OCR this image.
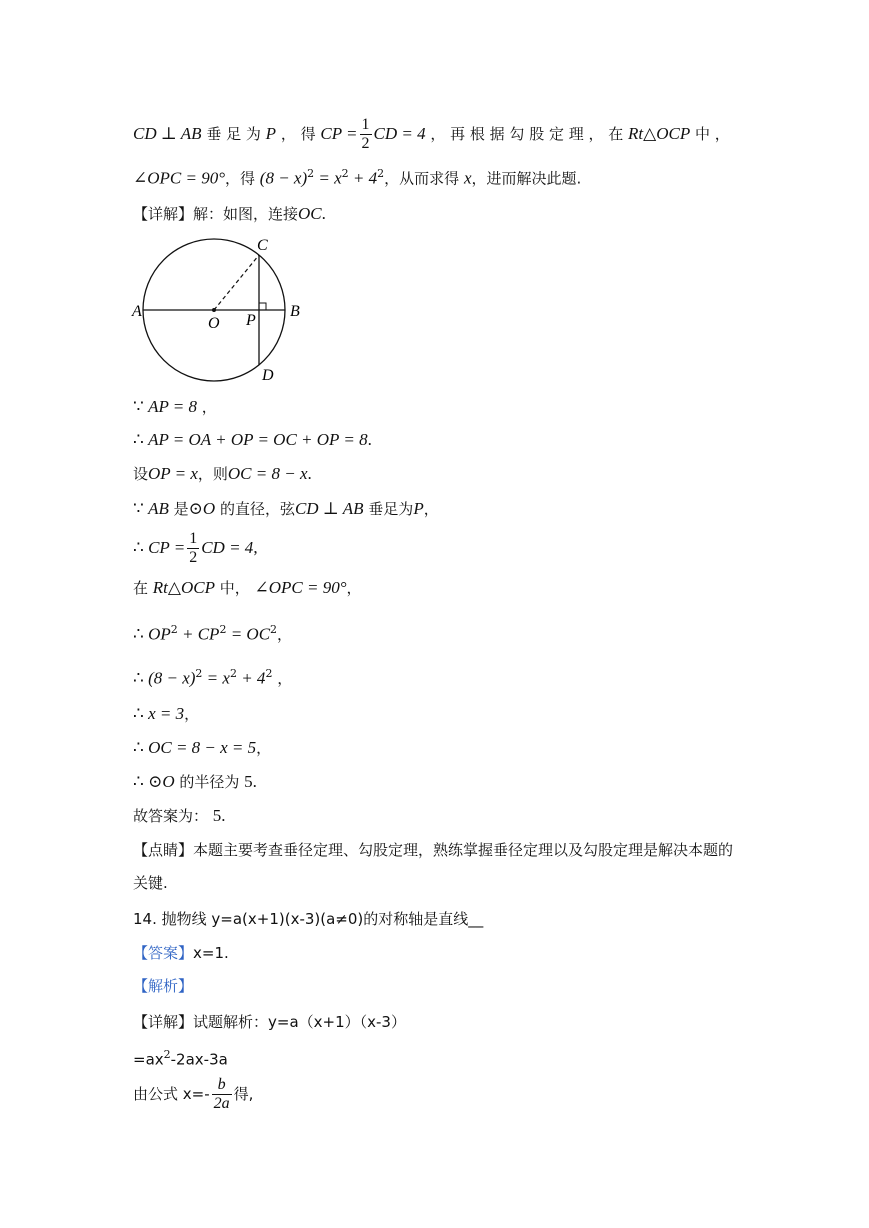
CD ⊥ AB 垂 足 为 P ， 得 CP = $\frac{1}{2}$ CD = 4 ， 再 根 据 勾 股 定 理 ， 在 Rt△OCP 中 ，
∠OPC = 90°，得 $(8 - x)^2 = x^2 + 4^2$，从而求得 x，进而解决此题.
【详解】解：如图，连接OC.
A	B
C
D
O P
∵ AP = 8 ，
∴ AP = OA + OP = OC + OP = 8.
设OP = x，则OC = 8 − x.
∵ AB 是⊙O 的直径，弦CD ⊥ AB 垂足为P，
∴ CP = $\frac{1}{2}$ CD = 4,
在 Rt△OCP 中， ∠OPC = 90°，
∴ $OP^2 + CP^2 = OC^2$，
∴ $(8 - x)^2 = x^2 + 4^2$ ，
∴ x = 3，
∴ OC = 8 − x = 5，
∴ ⊙O 的半径为 5.
故答案为： 5.
【点睛】本题主要考查垂径定理、勾股定理，熟练掌握垂径定理以及勾股定理是解决本题的
关键.
14. 抛物线 y=a(x+1)(x-3)(a≠0)的对称轴是直线__
【答案】x=1.
【解析】
【详解】试题解析：y=a（x+1）（x-3）
$=ax^2-2ax-3a$
由公式 $x=- \frac{b}{2a}$ 得,
